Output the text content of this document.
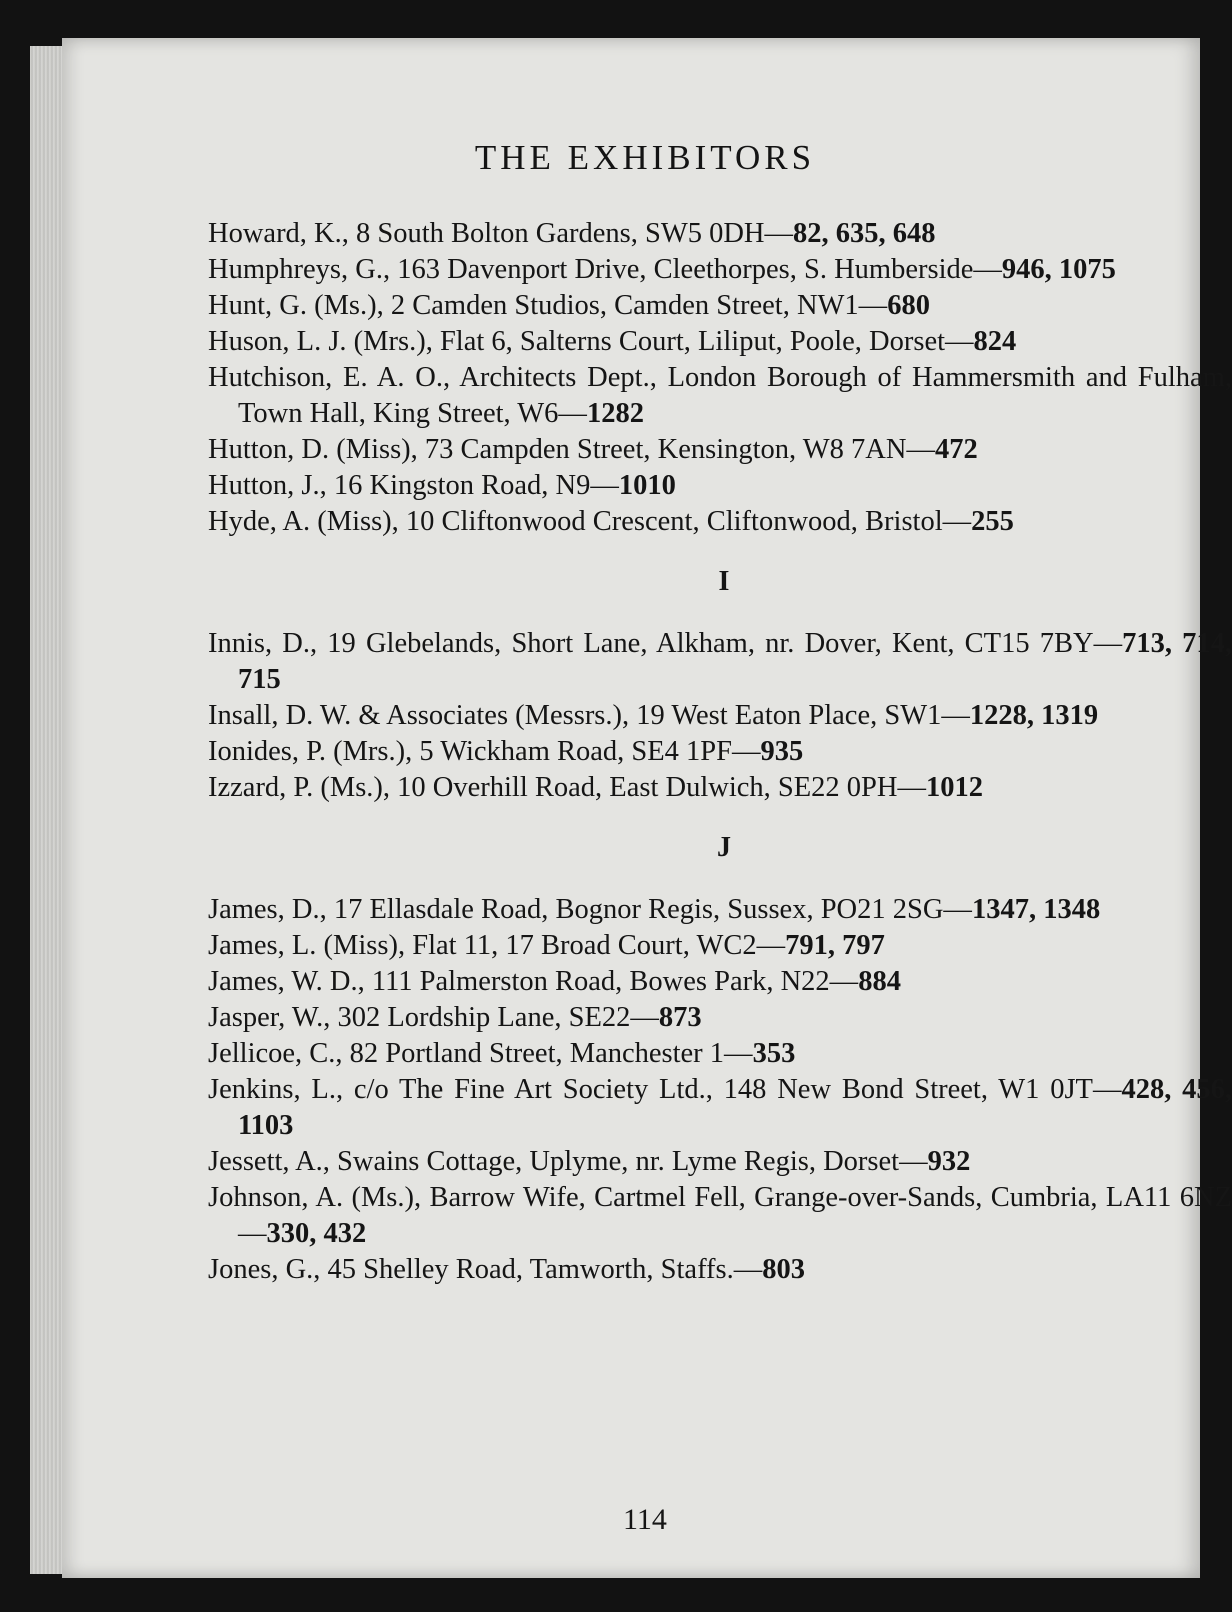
THE EXHIBITORS
Howard, K., 8 South Bolton Gardens, SW5 0DH—82, 635, 648
Humphreys, G., 163 Davenport Drive, Cleethorpes, S. Humberside—946, 1075
Hunt, G. (Ms.), 2 Camden Studios, Camden Street, NW1—680
Huson, L. J. (Mrs.), Flat 6, Salterns Court, Liliput, Poole, Dorset—824
Hutchison, E. A. O., Architects Dept., London Borough of Hammersmith and Fulham, Town Hall, King Street, W6—1282
Hutton, D. (Miss), 73 Campden Street, Kensington, W8 7AN—472
Hutton, J., 16 Kingston Road, N9—1010
Hyde, A. (Miss), 10 Cliftonwood Crescent, Cliftonwood, Bristol—255
I
Innis, D., 19 Glebelands, Short Lane, Alkham, nr. Dover, Kent, CT15 7BY—713, 714, 715
Insall, D. W. & Associates (Messrs.), 19 West Eaton Place, SW1—1228, 1319
Ionides, P. (Mrs.), 5 Wickham Road, SE4 1PF—935
Izzard, P. (Ms.), 10 Overhill Road, East Dulwich, SE22 0PH—1012
J
James, D., 17 Ellasdale Road, Bognor Regis, Sussex, PO21 2SG—1347, 1348
James, L. (Miss), Flat 11, 17 Broad Court, WC2—791, 797
James, W. D., 111 Palmerston Road, Bowes Park, N22—884
Jasper, W., 302 Lordship Lane, SE22—873
Jellicoe, C., 82 Portland Street, Manchester 1—353
Jenkins, L., c/o The Fine Art Society Ltd., 148 New Bond Street, W1 0JT—428, 456, 1103
Jessett, A., Swains Cottage, Uplyme, nr. Lyme Regis, Dorset—932
Johnson, A. (Ms.), Barrow Wife, Cartmel Fell, Grange-over-Sands, Cumbria, LA11 6NZ—330, 432
Jones, G., 45 Shelley Road, Tamworth, Staffs.—803
114
